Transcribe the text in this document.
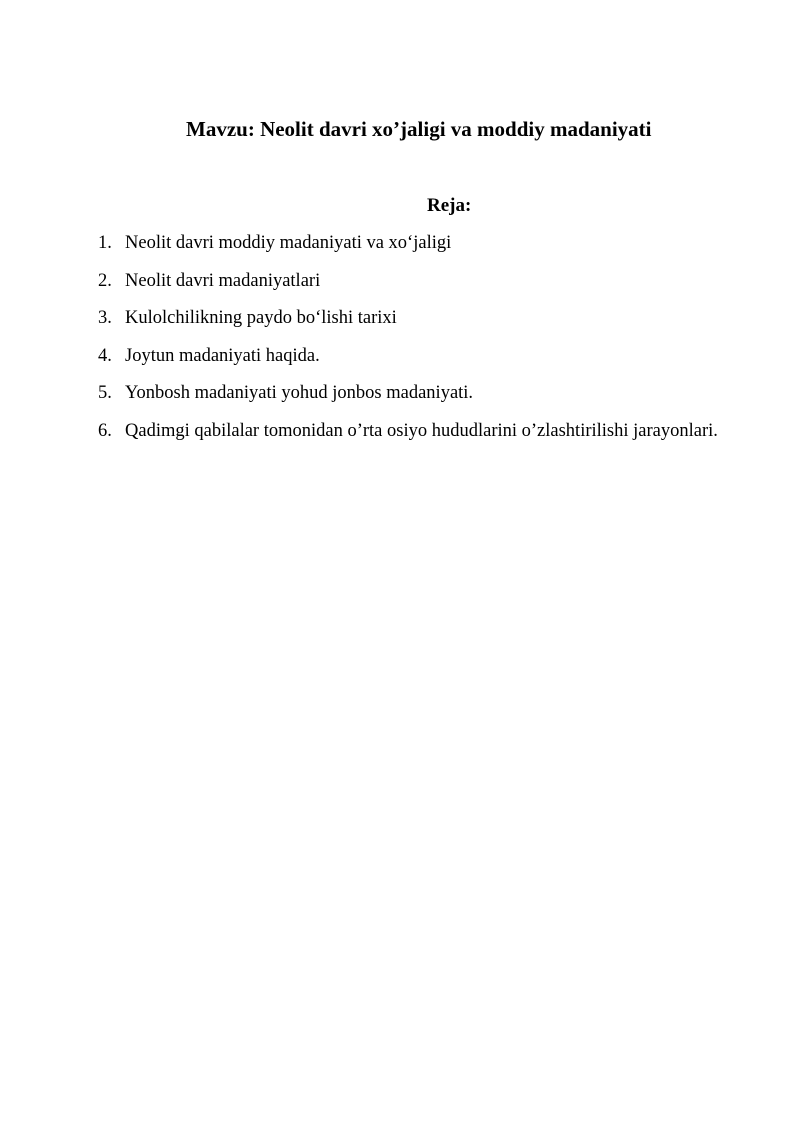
Mavzu: Neolit davri xo’jaligi va moddiy madaniyati
Reja:
1. Neolit davri moddiy madaniyati va xo‘jaligi
2. Neolit davri madaniyatlari
3. Kulolchilikning paydo bo‘lishi tarixi
4. Joytun madaniyati haqida.
5. Yonbosh madaniyati yohud jonbos madaniyati.
6. Qadimgi qabilalar tomonidan o’rta osiyo hududlarini o’zlashtirilishi jarayonlari.
